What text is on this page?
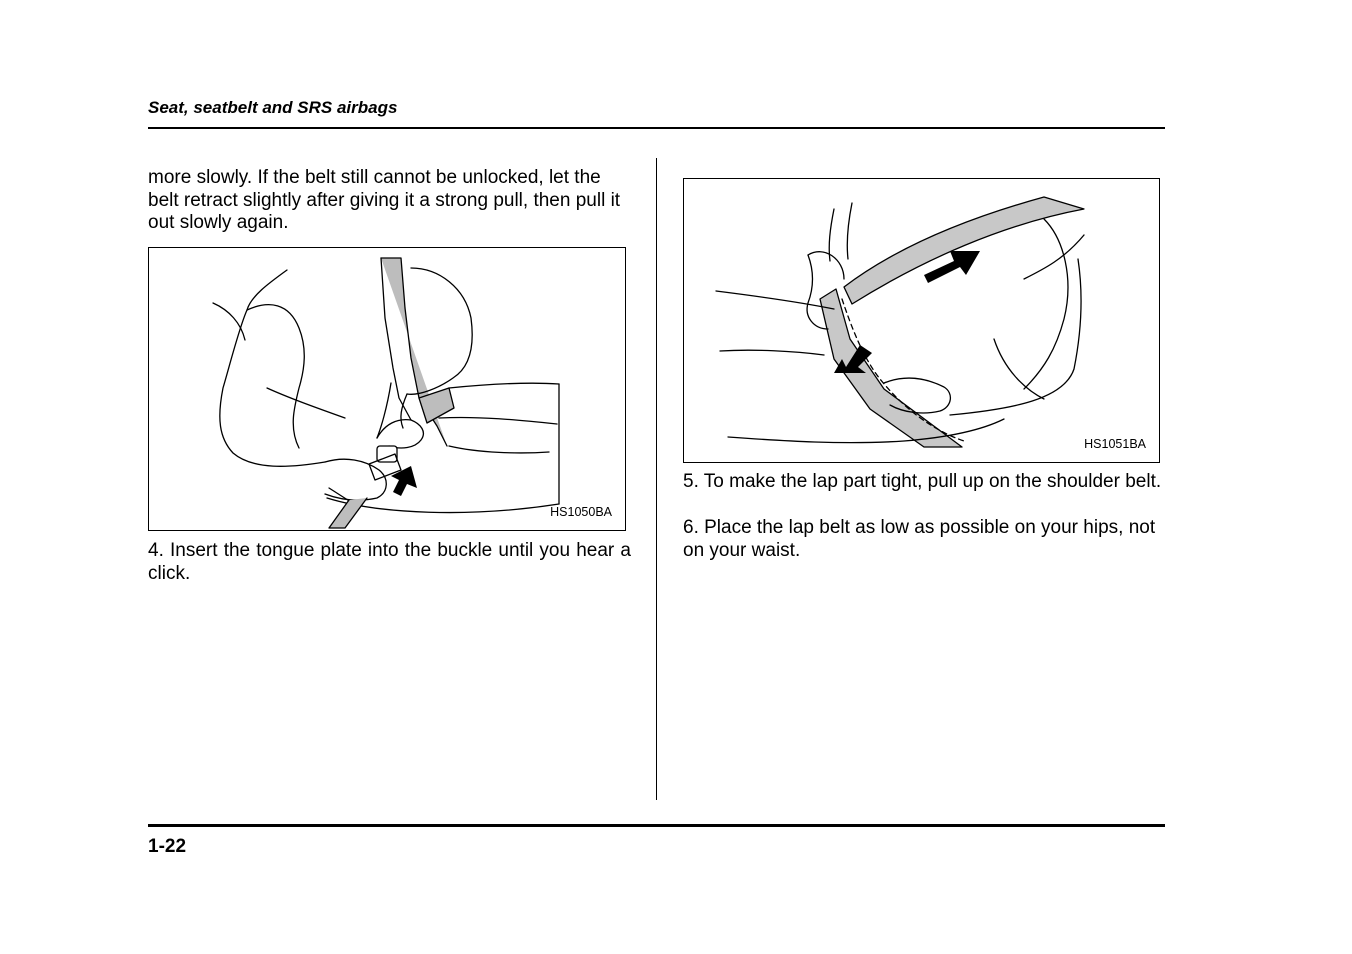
Seat, seatbelt and SRS airbags

more slowly. If the belt still cannot be unlocked, let the belt retract slightly after giving it a strong pull, then pull it out slowly again.

HS1050BA

4. Insert the tongue plate into the buckle until you hear a click.

HS1051BA

5. To make the lap part tight, pull up on the shoulder belt.

6. Place the lap belt as low as possible on your hips, not on your waist.

1-22
